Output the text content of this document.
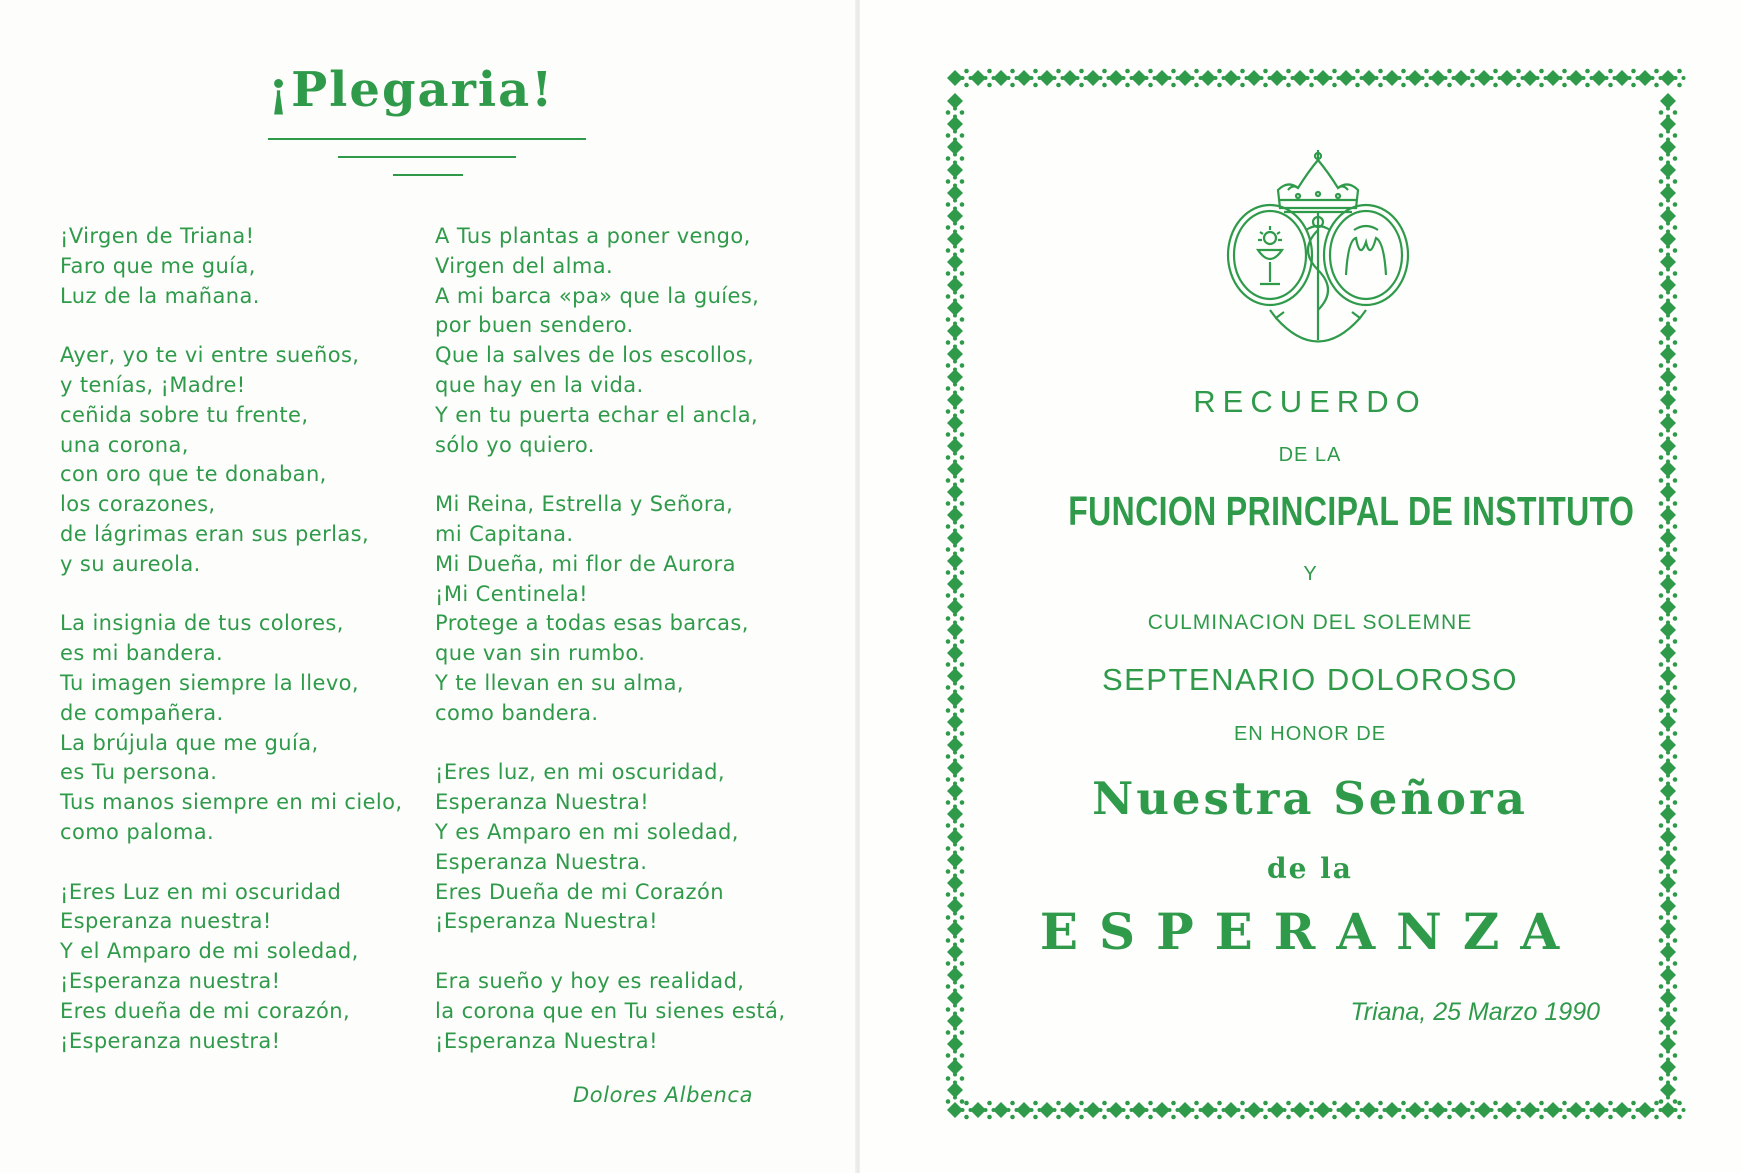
¡Plegaria!
¡Virgen de Triana!
Faro que me guía,
Luz de la mañana.
Ayer, yo te vi entre sueños,
y tenías, ¡Madre!
ceñida sobre tu frente,
una corona,
con oro que te donaban,
los corazones,
de lágrimas eran sus perlas,
y su aureola.
La insignia de tus colores,
es mi bandera.
Tu imagen siempre la llevo,
de compañera.
La brújula que me guía,
es Tu persona.
Tus manos siempre en mi cielo,
como paloma.
¡Eres Luz en mi oscuridad
Esperanza nuestra!
Y el Amparo de mi soledad,
¡Esperanza nuestra!
Eres dueña de mi corazón,
¡Esperanza nuestra!
A Tus plantas a poner vengo,
Virgen del alma.
A mi barca «pa» que la guíes,
por buen sendero.
Que la salves de los escollos,
que hay en la vida.
Y en tu puerta echar el ancla,
sólo yo quiero.
Mi Reina, Estrella y Señora,
mi Capitana.
Mi Dueña, mi flor de Aurora
¡Mi Centinela!
Protege a todas esas barcas,
que van sin rumbo.
Y te llevan en su alma,
como bandera.
¡Eres luz, en mi oscuridad,
Esperanza Nuestra!
Y es Amparo en mi soledad,
Esperanza Nuestra.
Eres Dueña de mi Corazón
¡Esperanza Nuestra!
Era sueño y hoy es realidad,
la corona que en Tu sienes está,
¡Esperanza Nuestra!
Dolores Albenca
RECUERDO
DE LA
FUNCION PRINCIPAL DE INSTITUTO
Y
CULMINACION DEL SOLEMNE
SEPTENARIO DOLOROSO
EN HONOR DE
Nuestra Señora
de la
ESPERANZA
Triana, 25 Marzo 1990
